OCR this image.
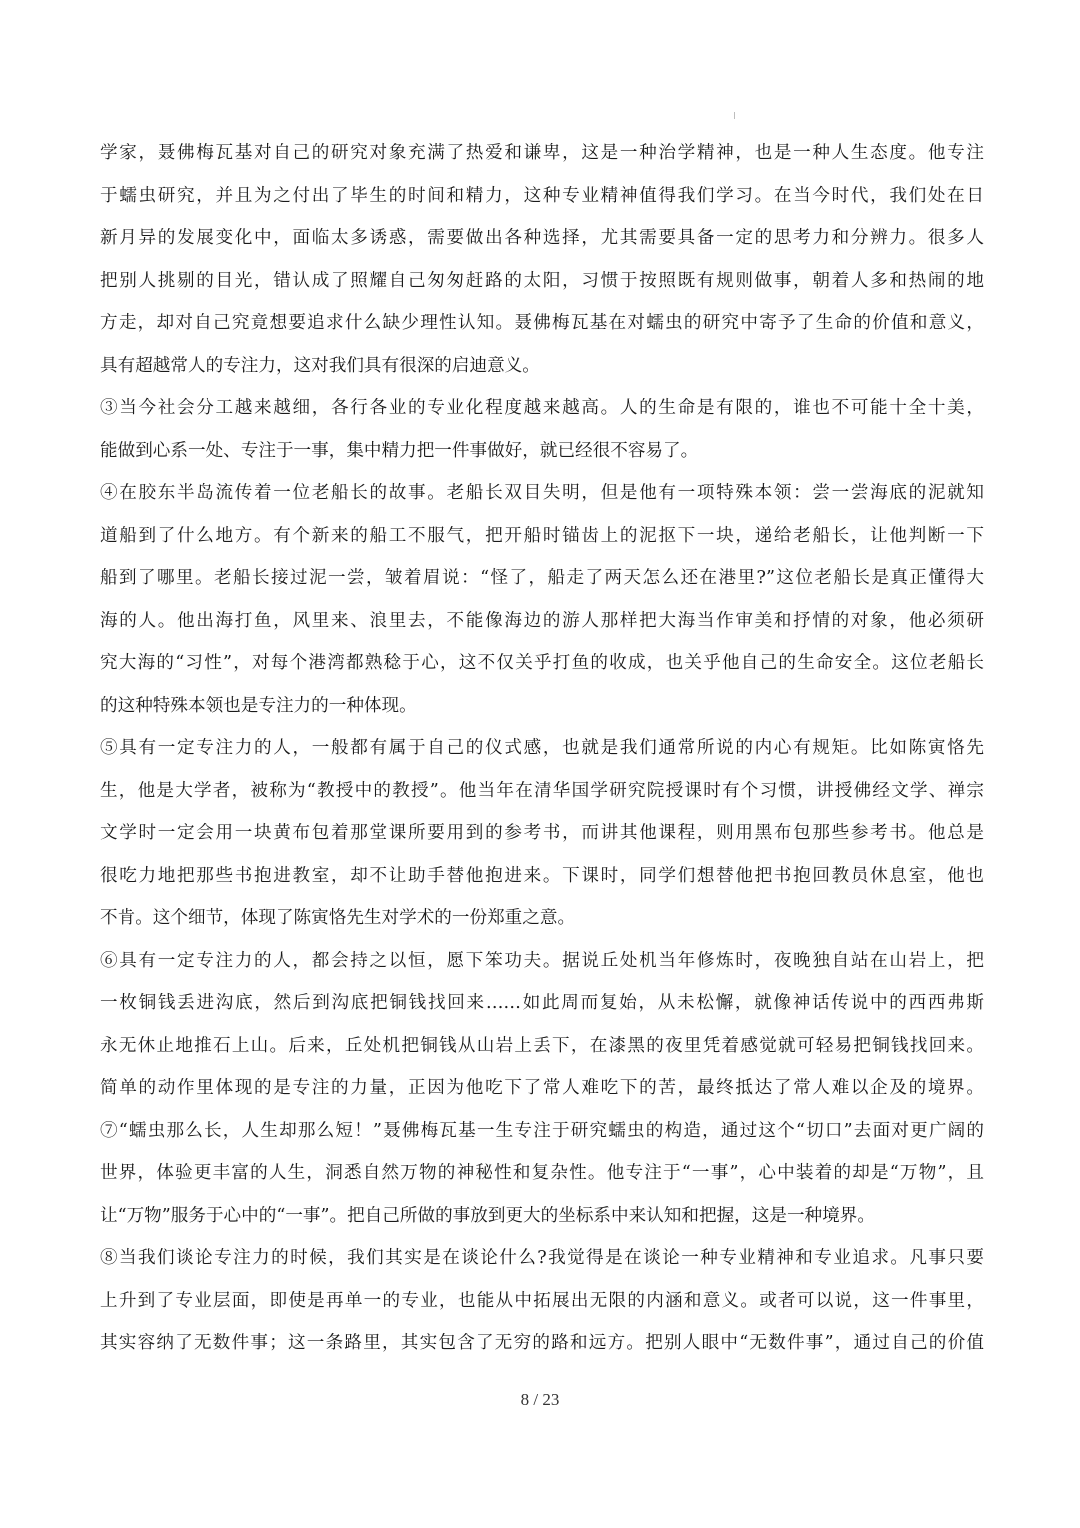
学家，聂佛梅瓦基对自己的研究对象充满了热爱和谦卑，这是一种治学精神，也是一种人生态度。他专注
于蠕虫研究，并且为之付出了毕生的时间和精力，这种专业精神值得我们学习。在当今时代，我们处在日
新月异的发展变化中，面临太多诱惑，需要做出各种选择，尤其需要具备一定的思考力和分辨力。很多人
把别人挑剔的目光，错认成了照耀自己匆匆赶路的太阳，习惯于按照既有规则做事，朝着人多和热闹的地
方走，却对自己究竟想要追求什么缺少理性认知。聂佛梅瓦基在对蠕虫的研究中寄予了生命的价值和意义，
具有超越常人的专注力，这对我们具有很深的启迪意义。
③当今社会分工越来越细，各行各业的专业化程度越来越高。人的生命是有限的，谁也不可能十全十美，
能做到心系一处、专注于一事，集中精力把一件事做好，就已经很不容易了。
④在胶东半岛流传着一位老船长的故事。老船长双目失明，但是他有一项特殊本领：尝一尝海底的泥就知
道船到了什么地方。有个新来的船工不服气，把开船时锚齿上的泥抠下一块，递给老船长，让他判断一下
船到了哪里。老船长接过泥一尝，皱着眉说：“怪了，船走了两天怎么还在港里?”这位老船长是真正懂得大
海的人。他出海打鱼，风里来、浪里去，不能像海边的游人那样把大海当作审美和抒情的对象，他必须研
究大海的“习性”，对每个港湾都熟稔于心，这不仅关乎打鱼的收成，也关乎他自己的生命安全。这位老船长
的这种特殊本领也是专注力的一种体现。
⑤具有一定专注力的人，一般都有属于自己的仪式感，也就是我们通常所说的内心有规矩。比如陈寅恪先
生，他是大学者，被称为“教授中的教授”。他当年在清华国学研究院授课时有个习惯，讲授佛经文学、禅宗
文学时一定会用一块黄布包着那堂课所要用到的参考书，而讲其他课程，则用黑布包那些参考书。他总是
很吃力地把那些书抱进教室，却不让助手替他抱进来。下课时，同学们想替他把书抱回教员休息室，他也
不肯。这个细节，体现了陈寅恪先生对学术的一份郑重之意。
⑥具有一定专注力的人，都会持之以恒，愿下笨功夫。据说丘处机当年修炼时，夜晚独自站在山岩上，把
一枚铜钱丢进沟底，然后到沟底把铜钱找回来……如此周而复始，从未松懈，就像神话传说中的西西弗斯
永无休止地推石上山。后来，丘处机把铜钱从山岩上丢下，在漆黑的夜里凭着感觉就可轻易把铜钱找回来。
简单的动作里体现的是专注的力量，正因为他吃下了常人难吃下的苦，最终抵达了常人难以企及的境界。
⑦“蠕虫那么长，人生却那么短！”聂佛梅瓦基一生专注于研究蠕虫的构造，通过这个“切口”去面对更广阔的
世界，体验更丰富的人生，洞悉自然万物的神秘性和复杂性。他专注于“一事”，心中装着的却是“万物”，且
让“万物”服务于心中的“一事”。把自己所做的事放到更大的坐标系中来认知和把握，这是一种境界。
⑧当我们谈论专注力的时候，我们其实是在谈论什么?我觉得是在谈论一种专业精神和专业追求。凡事只要
上升到了专业层面，即使是再单一的专业，也能从中拓展出无限的内涵和意义。或者可以说，这一件事里，
其实容纳了无数件事；这一条路里，其实包含了无穷的路和远方。把别人眼中“无数件事”，通过自己的价值
8 / 23
